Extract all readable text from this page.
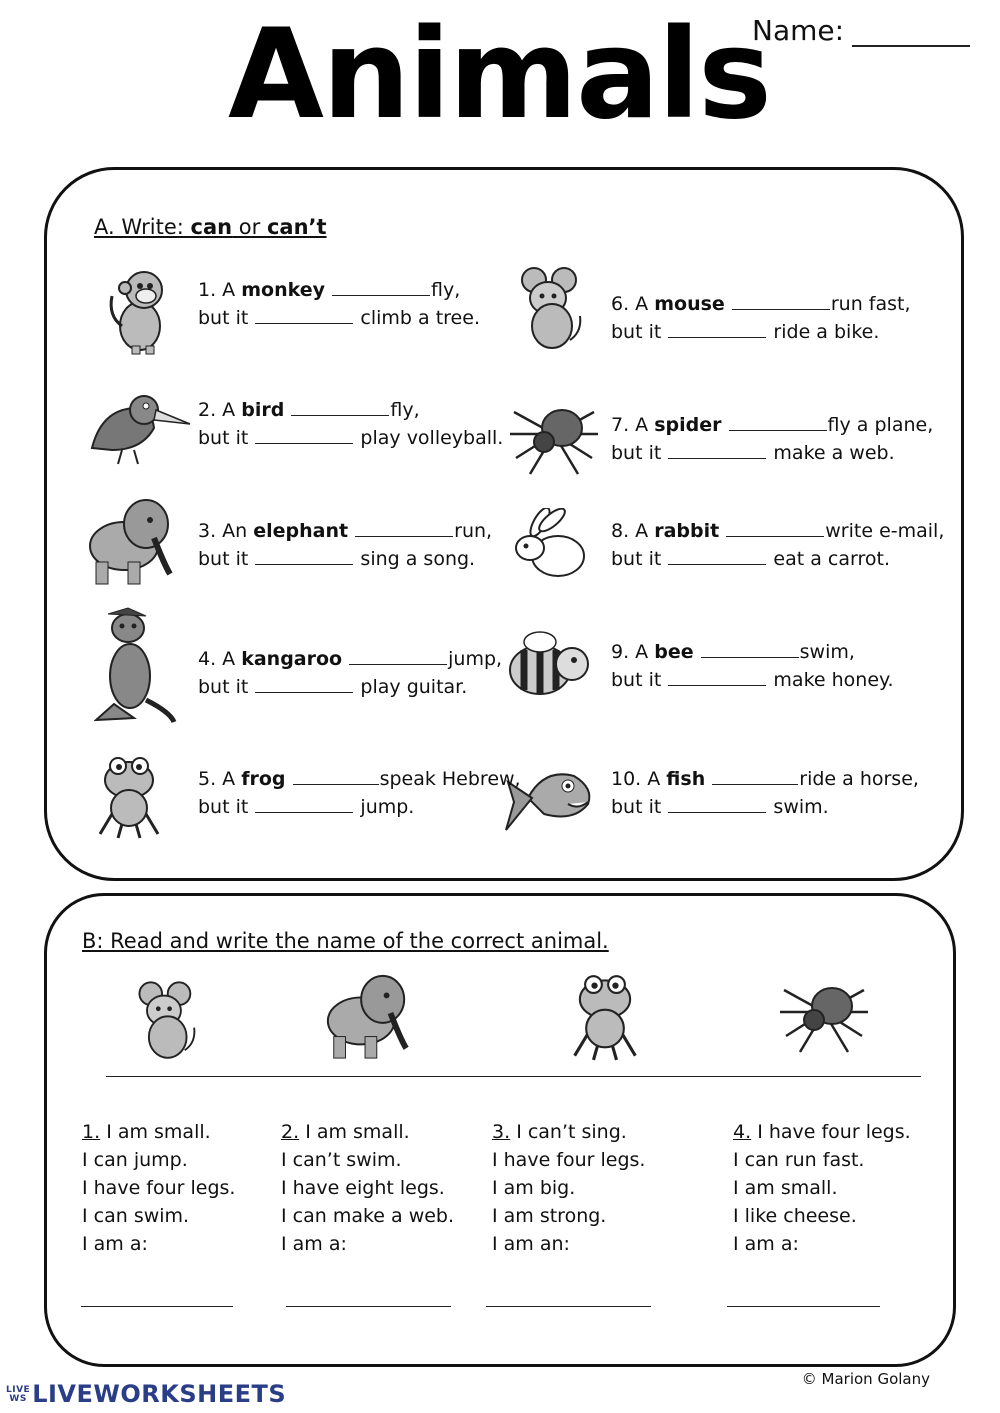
Animals
Name:
A. Write: can or can’t
1. A monkey	fly,
but it	climb a tree.
2. A bird	fly,
but it	play volleyball.
3. An elephant	run,
but it	sing a song.
4. A kangaroo	jump,
but it	play guitar.
5. A frog	speak Hebrew,
but it	jump.
6. A mouse	run fast,
but it	ride a bike.
7. A spider	fly a plane,
but it	make a web.
8. A rabbit	write e-mail,
but it	eat a carrot.
9. A bee	swim,
but it	make honey.
10. A fish	ride a horse,
but it	swim.
B: Read and write the name of the correct animal.
1. I am small.
I can jump.
I have four legs.
I can swim.
I am a:
2. I am small.
I can’t swim.
I have eight legs.
I can make a web.
I am a:
3. I can’t sing.
I have four legs.
I am big.
I am strong.
I am an:
4. I have four legs.
I can run fast.
I am small.
I like cheese.
I am a:
© Marion Golany
LIVE
WS LIVEWORKSHEETS
